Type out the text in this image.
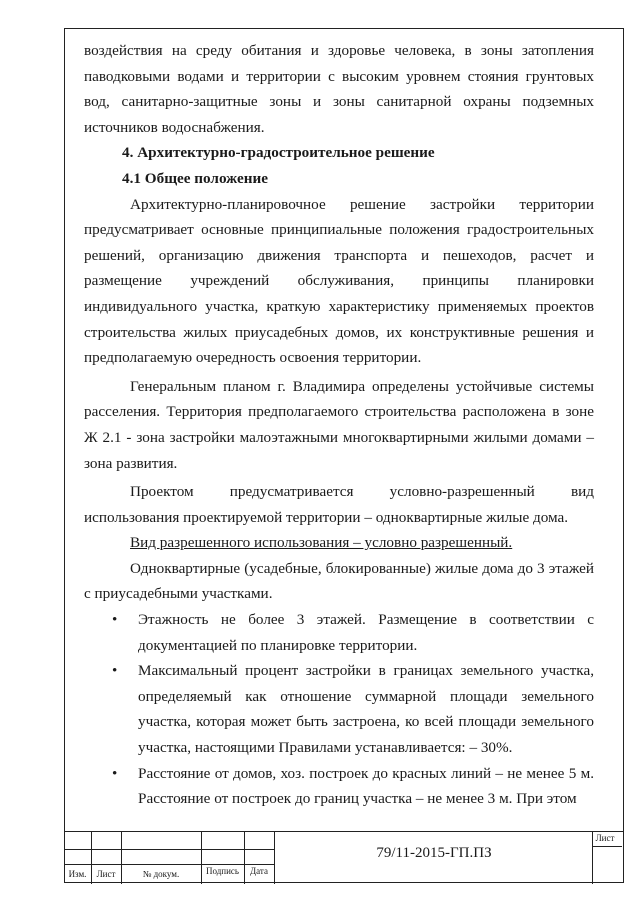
воздействия на среду обитания и здоровье человека, в зоны затопления паводковыми водами и территории с высоким уровнем стояния грунтовых вод, санитарно-защитные зоны и зоны санитарной охраны подземных источников водоснабжения.

4. Архитектурно-градостроительное решение

4.1 Общее положение

Архитектурно-планировочное решение застройки территории предусматривает основные принципиальные положения градостроительных решений, организацию движения транспорта и пешеходов, расчет и размещение учреждений обслуживания, принципы планировки индивидуального участка, краткую характеристику применяемых проектов строительства жилых приусадебных домов, их конструктивные решения и предполагаемую очередность освоения территории.

Генеральным планом г. Владимира определены устойчивые системы расселения. Территория предполагаемого строительства расположена в зоне Ж 2.1 - зона застройки малоэтажными многоквартирными жилыми домами – зона развития.

Проектом предусматривается условно-разрешенный вид использования проектируемой территории – одноквартирные жилые дома.

Вид разрешенного использования – условно разрешенный.

Одноквартирные (усадебные, блокированные) жилые дома до 3 этажей с приусадебными участками.

•	Этажность не более 3 этажей. Размещение в соответствии с документацией по планировке территории.
•	Максимальный процент застройки в границах земельного участка, определяемый как отношение суммарной площади земельного участка, которая может быть застроена, ко всей площади земельного участка, настоящими Правилами устанавливается: – 30%.
•	Расстояние от домов, хоз. построек до красных линий – не менее 5 м. Расстояние от построек до границ участка – не менее 3 м. При этом
Изм.	Лист	№ докум.	Подпись	Дата
79/11-2015-ГП.ПЗ
Лист
